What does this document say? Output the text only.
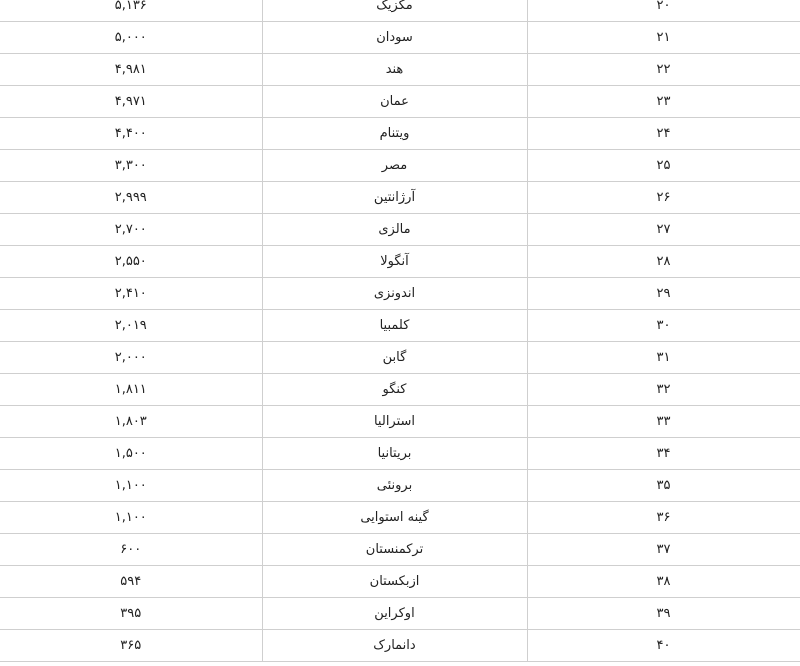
۵,۱۳۶	مکزیک	۲۰
۵,۰۰۰	سودان	۲۱
۴,۹۸۱	هند	۲۲
۴,۹۷۱	عمان	۲۳
۴,۴۰۰	ویتنام	۲۴
۳,۳۰۰	مصر	۲۵
۲,۹۹۹	آرژانتین	۲۶
۲,۷۰۰	مالزی	۲۷
۲,۵۵۰	آنگولا	۲۸
۲,۴۱۰	اندونزی	۲۹
۲,۰۱۹	کلمبیا	۳۰
۲,۰۰۰	گابن	۳۱
۱,۸۱۱	کنگو	۳۲
۱,۸۰۳	استرالیا	۳۳
۱,۵۰۰	بریتانیا	۳۴
۱,۱۰۰	برونئی	۳۵
۱,۱۰۰	گینه استوایی	۳۶
۶۰۰	ترکمنستان	۳۷
۵۹۴	ازبکستان	۳۸
۳۹۵	اوکراین	۳۹
۳۶۵	دانمارک	۴۰
